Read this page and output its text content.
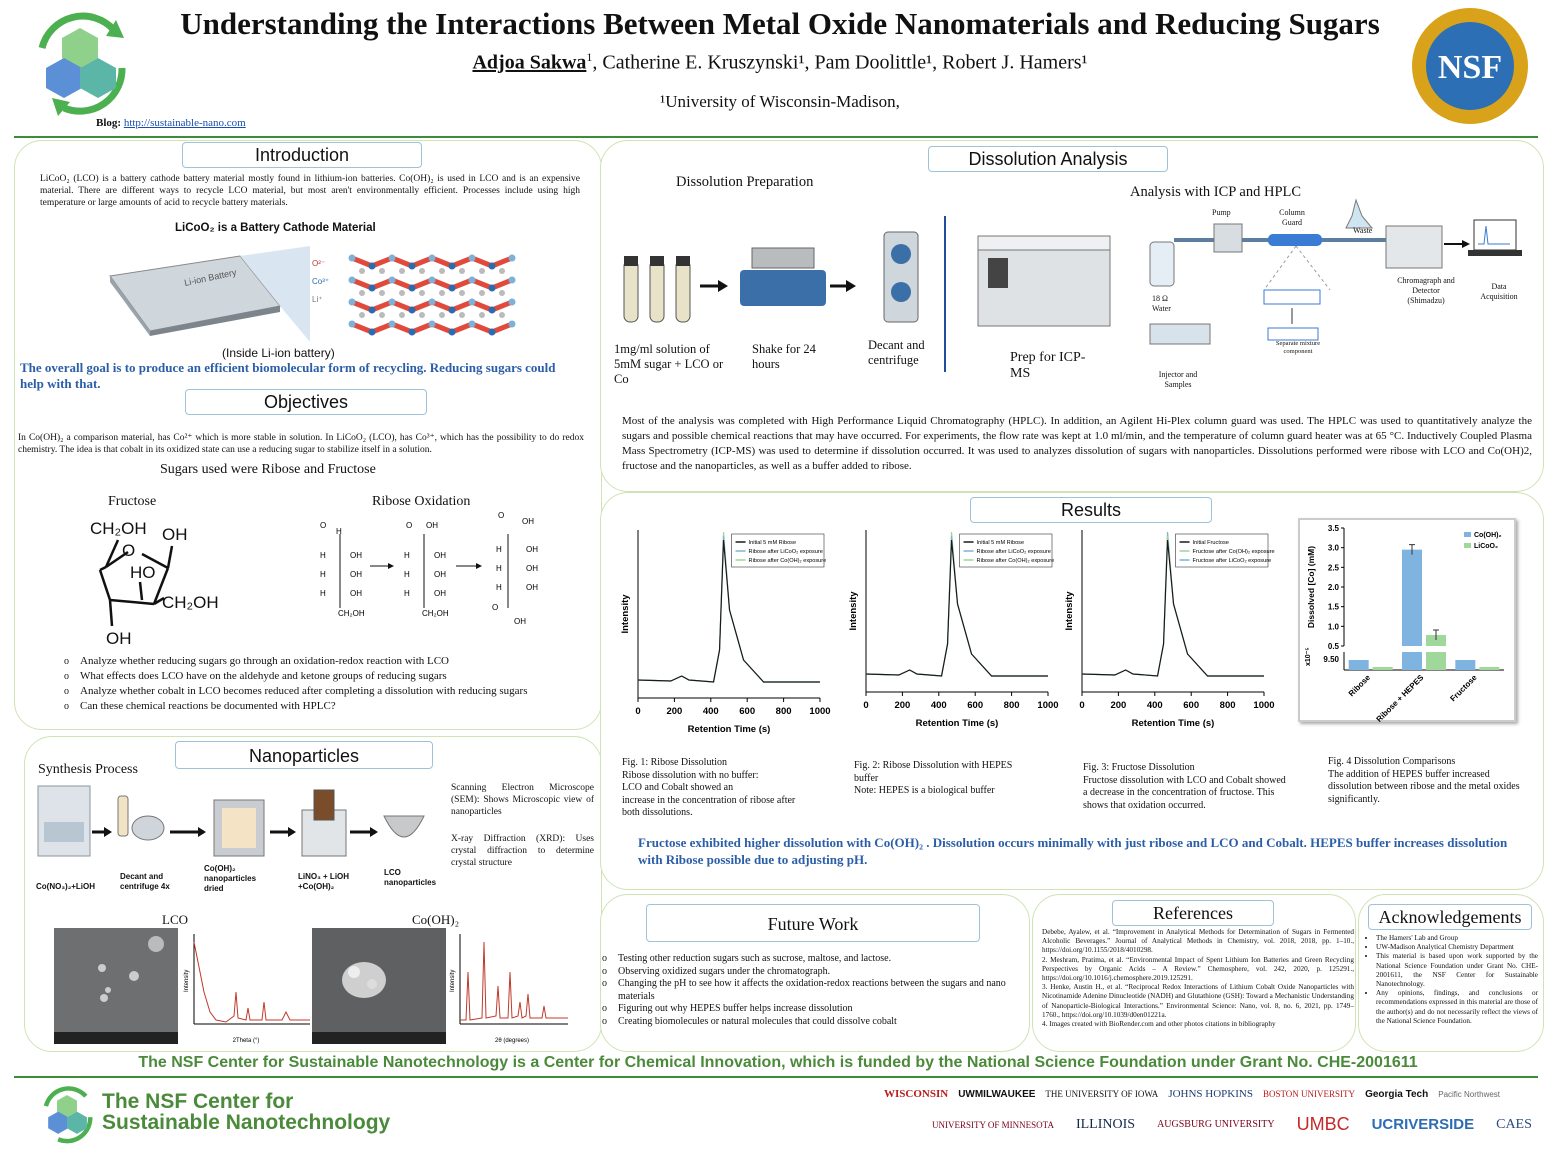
Understanding the Interactions Between Metal Oxide Nanomaterials and Reducing Sugars
Adjoa Sakwa$^1$, Catherine E. Kruszynski¹, Pam Doolittle¹, Robert J. Hamers¹
¹University of Wisconsin-Madison,
Blog: http://sustainable-nano.com
NSF
Introduction
LiCoO₂ (LCO) is a battery cathode battery material mostly found in lithium-ion batteries. Co(OH)₂ is used in LCO and is an expensive material. There are different ways to recycle LCO material, but most aren't environmentally efficient. Processes include using high temperature or large amounts of acid to recycle battery materials.
LiCoO₂ is a Battery Cathode Material
Li-ion Battery
O²⁻
Co³⁺
Li⁺
(Inside Li-ion battery)
The overall goal is to produce an efficient biomolecular form of recycling. Reducing sugars could help with that.
Objectives
In Co(OH)₂ a comparison material, has Co²⁺ which is more stable in solution. In LiCoO₂ (LCO), has Co³⁺, which has the possibility to do redox chemistry. The idea is that cobalt in its oxidized state can use a reducing sugar to stabilize itself in a solution.
Sugars used were Ribose and Fructose
Fructose	Ribose Oxidation
CH₂OH OH
O
HO
CH₂OH
OH
O
H
H	OH
H	OH
H	OH
CH₂OH
O OH
H	OH
H	OH
H	OH
CH₂OH
O
OH
H	OH
H	OH
H	OH
O
OH
o Analyze whether reducing sugars go through an oxidation-redox reaction with LCO
o What effects does LCO have on the aldehyde and ketone groups of reducing sugars
o Analyze whether cobalt in LCO becomes reduced after completing a dissolution with reducing sugars
o Can these chemical reactions be documented with HPLC?
Nanoparticles
Synthesis Process
Co(NO₃)₂+LiOH
Decant and centrifuge 4x
Co(OH)₂ nanoparticles dried
LiNO₃ + LiOH +Co(OH)₂
LCO nanoparticles
Scanning Electron Microscope (SEM): Shows Microscopic view of nanoparticles
X-ray Diffraction (XRD): Uses crystal diffraction to determine crystal structure
LCO	Co(OH)₂
Intensity
2Theta (°)
Intensity
2θ (degrees)
Dissolution Analysis
Dissolution Preparation
Analysis with ICP and HPLC
1mg/ml solution of 5mM sugar + LCO or Co
Shake for 24 hours
Decant and centrifuge	Prep for ICP-MS
Pump	Column Guard
Waste
18 Ω Water
Injector and Samples
Chromagraph and Detector (Shimadzu)
Data Acquisition
Separate mixture component
Most of the analysis was completed with High Performance Liquid Chromatography (HPLC). In addition, an Agilent Hi-Plex column guard was used. The HPLC was used to quantitatively analyze the sugars and possible chemical reactions that may have occurred. For experiments, the flow rate was kept at 1.0 ml/min, and the temperature of column guard heater was at 65 °C. Inductively Coupled Plasma Mass Spectrometry (ICP-MS) was used to determine if dissolution occurred. It was used to analyzes dissolution of sugars with nanoparticles. Dissolutions performed were ribose with LCO and Co(OH)2, fructose and the nanoparticles, as well as a buffer added to ribose.
Results
0	200 400 600 800 1000
Retention Time (s)
Intensity
Initial 5 mM Ribose
Ribose after LiCoO₂ exposure
Ribose after Co(OH)₂ exposure
0	200 400 600 800 1000
Retention Time (s)
Intensity
Initial 5 mM Ribose
Ribose after LiCoO₂ exposure
Ribose after Co(OH)₂ exposure
0	200 400 600 800 1000
Retention Time (s)
Intensity
Initial Fructose
Fructose after Co(OH)₂ exposure
Fructose after LiCoO₂ exposure
0.5
1.0
1.5
2.0
2.5
3.0
3.5
9.50
x10⁻⁵
Dissolved [Co] (mM)
Ribose Ribose + HEPES	Fructose
Co(OH)₂
LiCoO₂
Fig. 1: Ribose Dissolution
Ribose dissolution with no buffer:
LCO and Cobalt showed an
increase in the concentration of ribose after
both dissolutions.
Fig. 2: Ribose Dissolution with HEPES
buffer
Note: HEPES is a biological buffer
Fig. 3: Fructose Dissolution
Fructose dissolution with LCO and Cobalt showed
a decrease in the concentration of fructose. This
shows that oxidation occurred.
Fig. 4 Dissolution Comparisons
The addition of HEPES buffer increased
dissolution between ribose and the metal oxides
significantly.
Fructose exhibited higher dissolution with Co(OH)₂ . Dissolution occurs minimally with just ribose and LCO and Cobalt. HEPES buffer increases dissolution with Ribose possible due to adjusting pH.
Future Work
o Testing other reduction sugars such as sucrose, maltose, and lactose.
o Observing oxidized sugars under the chromatograph.
o Changing the pH to see how it affects the oxidation-redox reactions between the sugars and nano materials
o Figuring out why HEPES buffer helps increase dissolution
o Creating biomolecules or natural molecules that could dissolve cobalt
References
Debebe, Ayalew, et al. “Improvement in Analytical Methods for Determination of Sugars in Fermented Alcoholic Beverages.” Journal of Analytical Methods in Chemistry, vol. 2018, 2018, pp. 1–10., https://doi.org/10.1155/2018/4010298.
2. Meshram, Pratima, et al. “Environmental Impact of Spent Lithium Ion Batteries and Green Recycling Perspectives by Organic Acids – A Review.” Chemosphere, vol. 242, 2020, p. 125291., https://doi.org/10.1016/j.chemosphere.2019.125291.
3. Henke, Austin H., et al. “Reciprocal Redox Interactions of Lithium Cobalt Oxide Nanoparticles with Nicotinamide Adenine Dinucleotide (NADH) and Glutathione (GSH): Toward a Mechanistic Understanding of Nanoparticle-Biological Interactions.” Environmental Science: Nano, vol. 8, no. 6, 2021, pp. 1749–1760., https://doi.org/10.1039/d0en01221a.
4. Images created with BioRender.com and other photos citations in bibliography
Acknowledgements
• The Hamers' Lab and Group
• UW-Madison Analytical Chemistry Department
• This material is based upon work supported by the National Science Foundation under Grant No. CHE-2001611, the NSF Center for Sustainable Nanotechnology.
• Any opinions, findings, and conclusions or recommendations expressed in this material are those of the author(s) and do not necessarily reflect the views of the National Science Foundation.
The NSF Center for Sustainable Nanotechnology is a Center for Chemical Innovation, which is funded by the National Science Foundation under Grant No. CHE-2001611
The NSF Center for
Sustainable Nanotechnology
WISCONSIN UWMILWAUKEE THE UNIVERSITY OF IOWA JOHNS HOPKINS BOSTON UNIVERSITY Georgia Tech Pacific Northwest
UNIVERSITY OF MINNESOTA ILLINOIS AUGSBURG UNIVERSITY UMBC UCRIVERSIDE CAES
